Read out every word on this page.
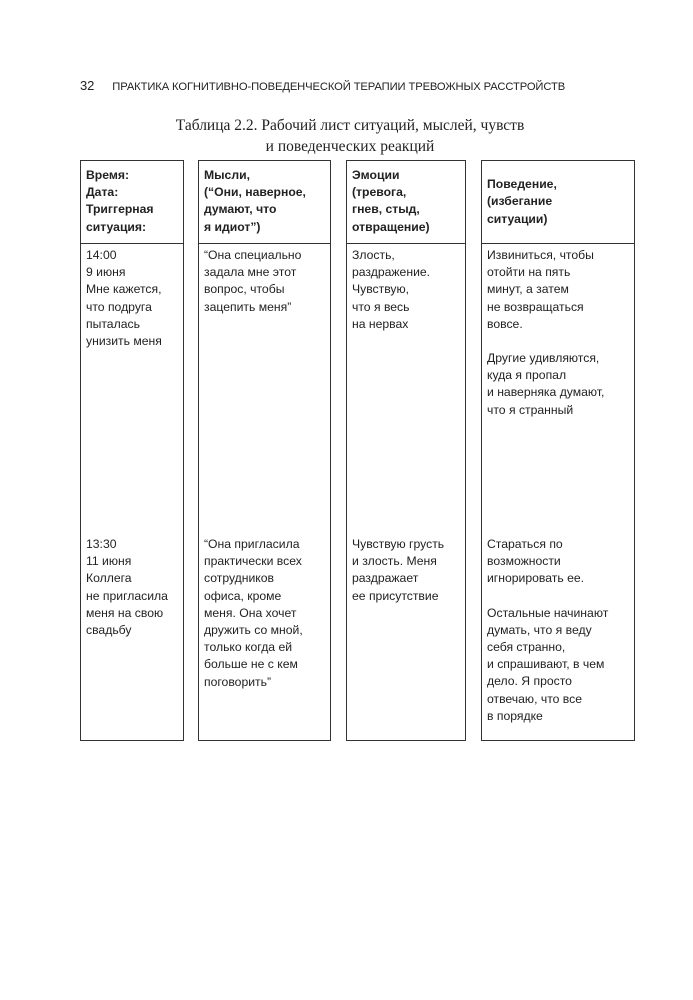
32 ПРАКТИКА КОГНИТИВНО-ПОВЕДЕНЧЕСКОЙ ТЕРАПИИ ТРЕВОЖНЫХ РАССТРОЙСТВ
Таблица 2.2. Рабочий лист ситуаций, мыслей, чувств
и поведенческих реакций
Время:
Дата:
Триггерная
ситуация:
14:00
9 июня
Мне кажется,
что подруга
пыталась
унизить меня
13:30
11 июня
Коллега
не пригласила
меня на свою
свадьбу
Мысли,
(“Они, наверное,
думают, что
я идиот”)
“Она специально
задала мне этот
вопрос, чтобы
зацепить меня”
“Она пригласила
практически всех
сотрудников
офиса, кроме
меня. Она хочет
дружить со мной,
только когда ей
больше не с кем
поговорить”
Эмоции
(тревога,
гнев, стыд,
отвращение)
Злость,
раздражение.
Чувствую,
что я весь
на нервах
Чувствую грусть
и злость. Меня
раздражает
ее присутствие
Поведение,
(избегание
ситуации)
Извиниться, чтобы
отойти на пять
минут, а затем
не возвращаться
вовсе.
Другие удивляются,
куда я пропал
и наверняка думают,
что я странный
Стараться по
возможности
игнорировать ее.
Остальные начинают
думать, что я веду
себя странно,
и спрашивают, в чем
дело. Я просто
отвечаю, что все
в порядке
